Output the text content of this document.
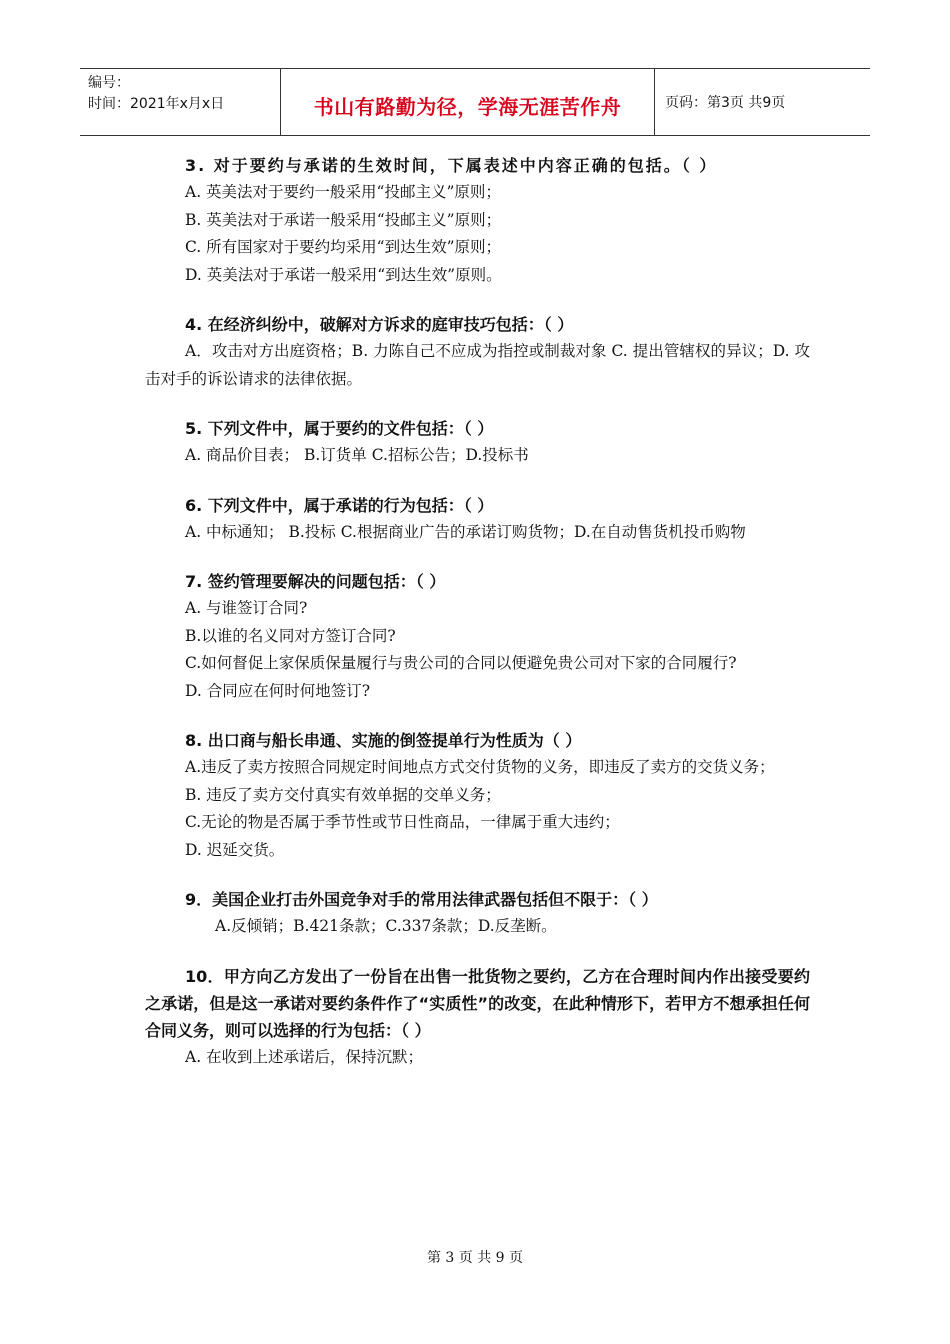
编号：
时间：2021年x月x日	书山有路勤为径，学海无涯苦作舟	页码：第3页 共9页
3. 对于要约与承诺的生效时间，下属表述中内容正确的包括。（ ）
A. 英美法对于要约一般采用“投邮主义”原则；
B. 英美法对于承诺一般采用“投邮主义”原则；
C. 所有国家对于要约均采用“到达生效”原则；
D. 英美法对于承诺一般采用“到达生效”原则。
4. 在经济纠纷中，破解对方诉求的庭审技巧包括：（ ）
A．攻击对方出庭资格；B. 力陈自己不应成为指控或制裁对象 C. 提出管辖权的异议；D. 攻击对手的诉讼请求的法律依据。
5. 下列文件中，属于要约的文件包括：（ ）
A. 商品价目表； B.订货单 C.招标公告；D.投标书
6. 下列文件中，属于承诺的行为包括：（ ）
A. 中标通知； B.投标 C.根据商业广告的承诺订购货物；D.在自动售货机投币购物
7. 签约管理要解决的问题包括：（ ）
A. 与谁签订合同?
B.以谁的名义同对方签订合同?
C.如何督促上家保质保量履行与贵公司的合同以便避免贵公司对下家的合同履行?
D. 合同应在何时何地签订?
8. 出口商与船长串通、实施的倒签提单行为性质为（ ）
A.违反了卖方按照合同规定时间地点方式交付货物的义务，即违反了卖方的交货义务；
B. 违反了卖方交付真实有效单据的交单义务；
C.无论的物是否属于季节性或节日性商品，一律属于重大违约；
D. 迟延交货。
9．美国企业打击外国竞争对手的常用法律武器包括但不限于：（ ）
A.反倾销；B.421条款；C.337条款；D.反垄断。
10．甲方向乙方发出了一份旨在出售一批货物之要约，乙方在合理时间内作出接受要约之承诺，但是这一承诺对要约条件作了“实质性”的改变，在此种情形下，若甲方不想承担任何合同义务，则可以选择的行为包括：（ ）
A. 在收到上述承诺后，保持沉默；
第 3 页 共 9 页
